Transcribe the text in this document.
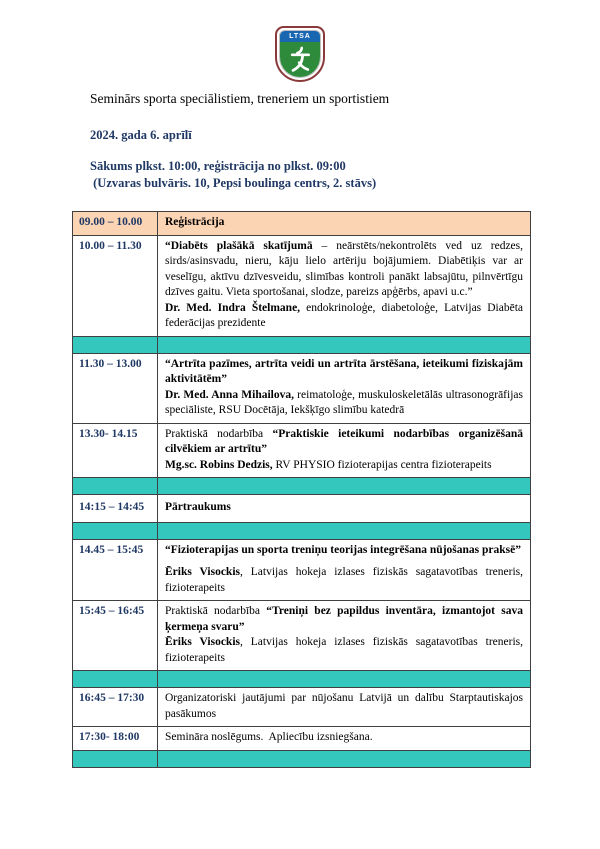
LTSA
Seminārs sporta speciālistiem, treneriem un sportistiem
2024. gada 6. aprīlī
Sākums plkst. 10:00, reģistrācija no plkst. 09:00
(Uzvaras bulvāris. 10, Pepsi boulinga centrs, 2. stāvs)
09.00 – 10.00	Reģistrācija

10.00 – 11.30	“Diabēts plašākā skatījumā – neārstēts/nekontrolēts ved uz redzes, sirds/asinsvadu, nieru, kāju lielo artēriju bojājumiem. Diabētiķis var ar veselīgu, aktīvu dzīvesveidu, slimības kontroli panākt labsajūtu, pilnvērtīgu dzīves gaitu. Vieta sportošanai, slodze, pareizs apģērbs, apavi u.c.”
Dr. Med. Indra Štelmane, endokrinoloģe, diabetoloģe, Latvijas Diabēta federācijas prezidente

11.30 – 13.00	“Artrīta pazīmes, artrīta veidi un artrīta ārstēšana, ieteikumi fiziskajām aktivitātēm”
Dr. Med. Anna Mihailova, reimatoloģe, muskuloskeletālās ultrasonogrāfijas speciāliste, RSU Docētāja, Iekšķīgo slimību katedrā

13.30- 14.15	Praktiskā nodarbība “Praktiskie ieteikumi nodarbības organizēšanā cilvēkiem ar artrītu”
Mg.sc. Robins Dedzis, RV PHYSIO fizioterapijas centra fizioterapeits

14:15 – 14:45	Pārtraukums

14.45 – 15:45	“Fizioterapijas un sporta treniņu teorijas integrēšana nūjošanas praksē”
Ēriks Visockis, Latvijas hokeja izlases fiziskās sagatavotības treneris, fizioterapeits

15:45 – 16:45	Praktiskā nodarbība “Treniņi bez papildus inventāra, izmantojot sava ķermeņa svaru”
Ēriks Visockis, Latvijas hokeja izlases fiziskās sagatavotības treneris, fizioterapeits

16:45 – 17:30	Organizatoriski jautājumi par nūjošanu Latvijā un dalību Starptautiskajos pasākumos

17:30- 18:00	Semināra noslēgums.  Apliecību izsniegšana.
